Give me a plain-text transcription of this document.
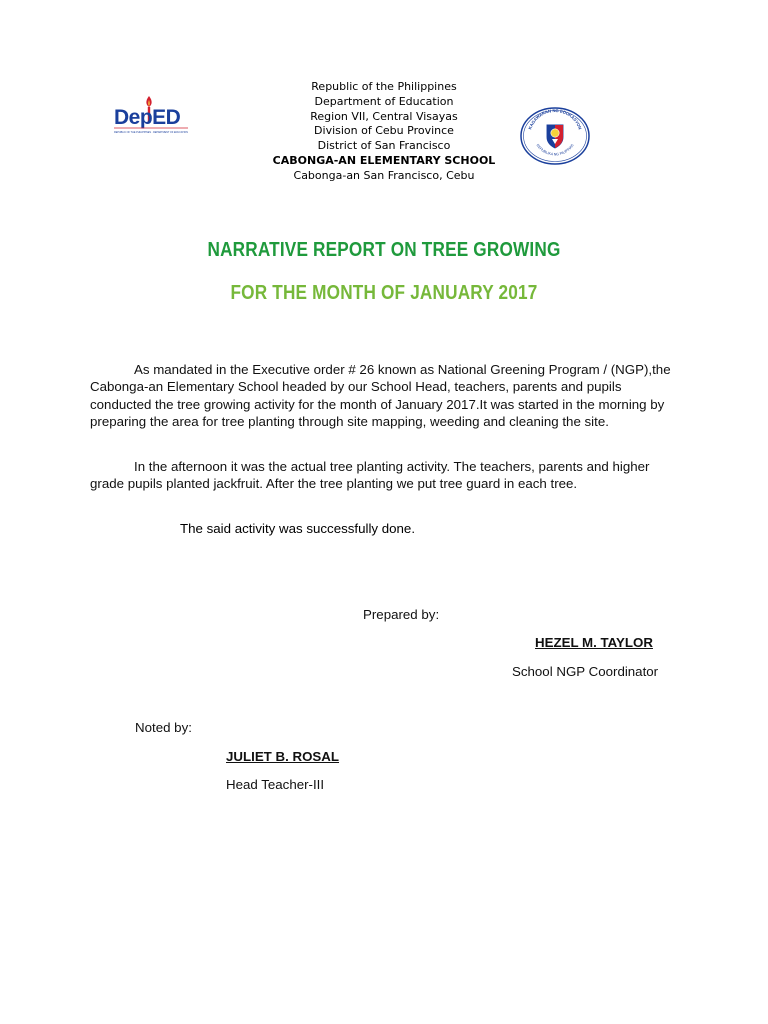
DepED
REPUBLIC OF THE PHILIPPINES · DEPARTMENT OF EDUCATION
Republic of the Philippines
Department of Education
Region VII, Central Visayas
Division of Cebu Province
District of San Francisco
CABONGA-AN ELEMENTARY SCHOOL
Cabonga-an San Francisco, Cebu
KAGAWARAN NG EDUKASYON
REPUBLIKA NG PILIPINAS
NARRATIVE REPORT ON TREE GROWING
FOR THE MONTH OF JANUARY 2017
As mandated in the Executive order # 26 known as National Greening Program / (NGP),the Cabonga-an Elementary School headed by our School Head, teachers, parents and pupils conducted the tree growing activity for the month of January 2017.It was started in the morning by preparing the area for tree planting through site mapping, weeding and cleaning the site.
In the afternoon it was the actual tree planting activity. The teachers, parents and higher grade pupils planted jackfruit. After the tree planting we put tree guard in each tree.
The said activity was successfully done.
Prepared by:
HEZEL M. TAYLOR
School NGP Coordinator
Noted by:
JULIET B. ROSAL
Head Teacher-III
